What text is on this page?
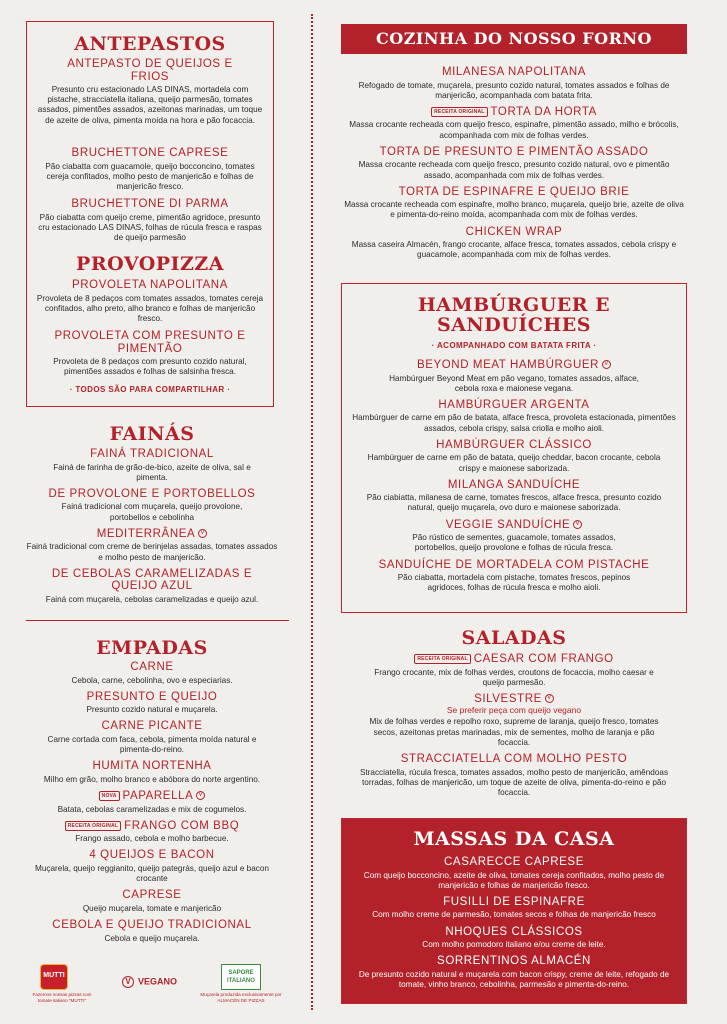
ANTEPASTOS
ANTEPASTO DE QUEIJOS E FRIOS
Presunto cru estacionado LAS DINAS, mortadela com pistache, stracciatella italiana, queijo parmesão, tomates assados, pimentões assados, azeitonas marinadas, um toque de azeite de oliva, pimenta moída na hora e pão focaccia.
BRUCHETTONE CAPRESE
Pão ciabatta com guacamole, queijo bocconcino, tomates cereja confitados, molho pesto de manjericão e folhas de manjericão fresco.
BRUCHETTONE DI PARMA
Pão ciabatta com queijo creme, pimentão agridoce, presunto cru estacionado LAS DINAS, folhas de rúcula fresca e raspas de queijo parmesão
PROVOPIZZA
PROVOLETA NAPOLITANA
Provoleta de 8 pedaços com tomates assados, tomates cereja confitados, alho preto, alho branco e folhas de manjericão fresco.
PROVOLETA COM PRESUNTO E PIMENTÃO
Provoleta de 8 pedaços com presunto cozido natural, pimentões assados e folhas de salsinha fresca.
· TODOS SÃO PARA COMPARTILHAR ·
FAINÁS
FAINÁ TRADICIONAL
Fainá de farinha de grão-de-bico, azeite de oliva, sal e pimenta.
DE PROVOLONE E PORTOBELLOS
Fainá tradicional com muçarela, queijo provolone, portobellos e cebolinha
MEDITERRÂNEA V
Fainá tradicional com creme de berinjelas assadas, tomates assados e molho pesto de manjericão.
DE CEBOLAS CARAMELIZADAS E QUEIJO AZUL
Fainá com muçarela, cebolas caramelizadas e queijo azul.
EMPADAS
CARNE
Cebola, carne, cebolinha, ovo e especiarias.
PRESUNTO E QUEIJO
Presunto cozido natural e muçarela.
CARNE PICANTE
Carne cortada com faca, cebola, pimenta moída natural e pimenta-do-reino.
HUMITA NORTENHA
Milho em grão, molho branco e abóbora do norte argentino.
NOVA PAPARELLA V
Batata, cebolas caramelizadas e mix de cogumelos.
RECEITA ORIGINAL FRANGO COM BBQ
Frango assado, cebola e molho barbecue.
4 QUEIJOS E BACON
Muçarela, queijo reggianito, queijo pategrás, queijo azul e bacon crocante
CAPRESE
Queijo muçarela, tomate e manjericão
CEBOLA E QUEIJO TRADICIONAL
Cebola e queijo muçarela.
MUTTI
Fazemos nossas pizzas com tomate italiano "MUTTI"
V VEGANO
SAPORE ITALIANO
Muçarela produzida exclusivamente por ALMACÉN DE PIZZAS
COZINHA DO NOSSO FORNO
MILANESA NAPOLITANA
Refogado de tomate, muçarela, presunto cozido natural, tomates assados e folhas de manjericão, acompanhada com batata frita.
RECEITA ORIGINAL TORTA DA HORTA
Massa crocante recheada com queijo fresco, espinafre, pimentão assado, milho e brócolis, acompanhada com mix de folhas verdes.
TORTA DE PRESUNTO E PIMENTÃO ASSADO
Massa crocante recheada com queijo fresco, presunto cozido natural, ovo e pimentão assado, acompanhada com mix de folhas verdes.
TORTA DE ESPINAFRE E QUEIJO BRIE
Massa crocante recheada com espinafre, molho branco, muçarela, queijo brie, azeite de oliva e pimenta-do-reino moída, acompanhada com mix de folhas verdes.
CHICKEN WRAP
Massa caseira Almacén, frango crocante, alface fresca, tomates assados, cebola crispy e guacamole, acompanhada com mix de folhas verdes.
HAMBÚRGUER E
SANDUÍCHES
· ACOMPANHADO COM BATATA FRITA ·
BEYOND MEAT HAMBÚRGUER V
Hambúrguer Beyond Meat em pão vegano, tomates assados, alface, cebola roxa e maionese vegana.
HAMBÚRGUER ARGENTA
Hambúrguer de carne em pão de batata, alface fresca, provoleta estacionada, pimentões assados, cebola crispy, salsa criolla e molho aioli.
HAMBÚRGUER CLÁSSICO
Hambúrguer de carne em pão de batata, queijo cheddar, bacon crocante, cebola crispy e maionese saborizada.
MILANGA SANDUÍCHE
Pão ciabiatta, milanesa de carne, tomates frescos, alface fresca, presunto cozido natural, queijo muçarela, ovo duro e maionese saborizada.
VEGGIE SANDUÍCHE V
Pão rústico de sementes, guacamole, tomates assados, portobellos, queijo provolone e folhas de rúcula fresca.
SANDUÍCHE DE MORTADELA COM PISTACHE
Pão ciabatta, mortadela com pistache, tomates frescos, pepinos agridoces, folhas de rúcula fresca e molho aioli.
SALADAS
RECEITA ORIGINAL CAESAR COM FRANGO
Frango crocante, mix de folhas verdes, croutons de focaccia, molho caesar e queijo parmesão.
SILVESTRE V
Se preferir peça com queijo vegano
Mix de folhas verdes e repolho roxo, supreme de laranja, queijo fresco, tomates secos, azeitonas pretas marinadas, mix de sementes, molho de laranja e pão focaccia.
STRACCIATELLA COM MOLHO PESTO
Stracciatella, rúcula fresca, tomates assados, molho pesto de manjericão, amêndoas torradas, folhas de manjericão, um toque de azeite de oliva, pimenta-do-reino e pão focaccia.
MASSAS DA CASA
CASARECCE CAPRESE
Com queijo bocconcino, azeite de oliva, tomates cereja confitados, molho pesto de manjericão e folhas de manjericão fresco.
FUSILLI DE ESPINAFRE
Com molho creme de parmesão, tomates secos e folhas de manjericão fresco
NHOQUES CLÁSSICOS
Com molho pomodoro italiano e/ou creme de leite.
SORRENTINOS ALMACÉN
De presunto cozido natural e muçarela com bacon crispy, creme de leite, refogado de tomate, vinho branco, cebolinha, parmesão e pimenta-do-reino.
